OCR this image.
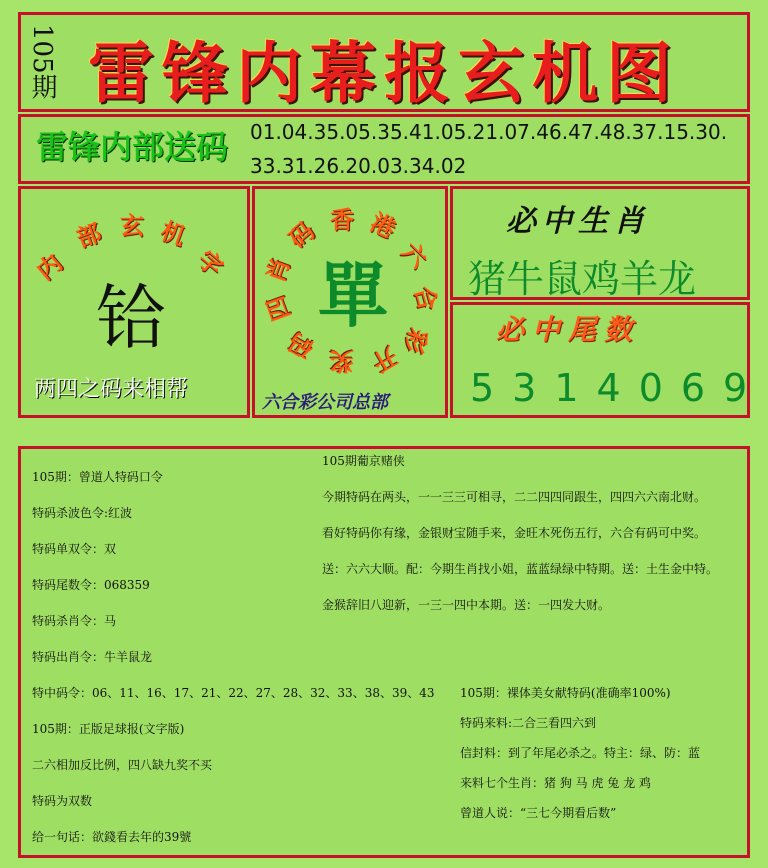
105期 雷锋内幕报玄机图
雷锋内部送码	01.04.35.05.35.41.05.21.07.46.47.48.37.15.30.
33.31.26.20.03.34.02
内
部 玄 机
字
铪
两四之码来相帮
香 港
六
合
彩
开
奖
码
四
肖
码
單
六合彩公司总部
必中生肖
猪牛鼠鸡羊龙
必中尾数
5314069
105期：曾道人特码口令
特码杀波色令:红波
特码单双令：双
特码尾数令：068359
特码杀肖令：马
特码出肖令：牛羊鼠龙
特中码令：06、11、16、17、21、22、27、28、32、33、38、39、43
105期：正版足球报(文字版)
二六相加反比例，四八缺九奖不买
特码为双数
给一句话：欲錢看去年的39號
105期葡京赌侠
今期特码在两头，一一三三可相寻，二二四四同跟生，四四六六南北财。
看好特码你有缘，金银财宝随手来，金旺木死伤五行，六合有码可中奖。
送：六六大顺。配：今期生肖找小姐，蓝蓝绿绿中特期。送：土生金中特。
金猴辞旧八迎新，一三一四中本期。送：一四发大财。
105期：裸体美女献特码(准确率100%)
特码来料:二合三看四六到
信封料：到了年尾必杀之。特主：绿、防：蓝
来料七个生肖：猪 狗 马 虎 兔 龙 鸡
曾道人说：“三七今期看后数”
